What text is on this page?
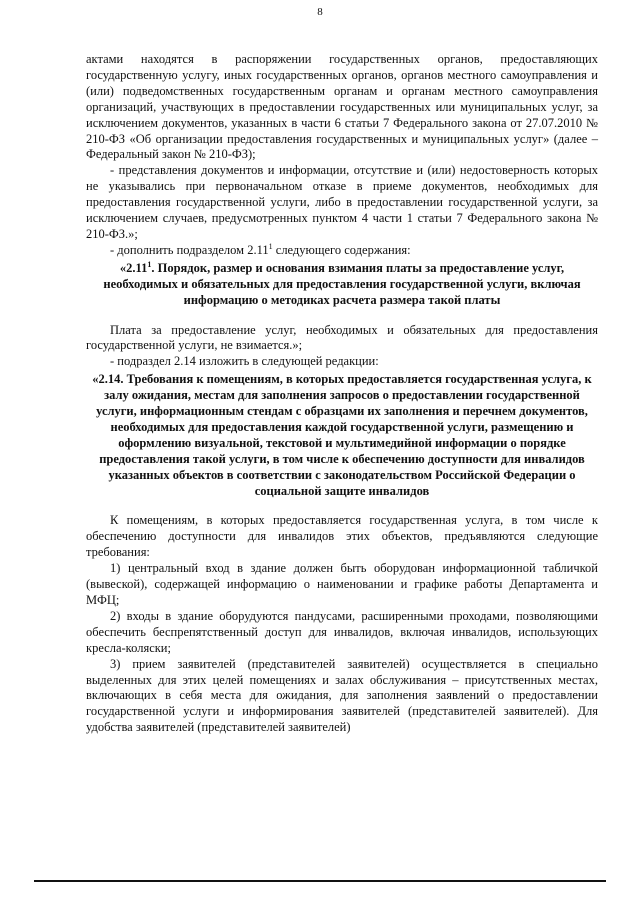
8

актами находятся в распоряжении государственных органов, предоставляющих государственную услугу, иных государственных органов, органов местного самоуправления и (или) подведомственных государственным органам и органам местного самоуправления организаций, участвующих в предоставлении государственных или муниципальных услуг, за исключением документов, указанных в части 6 статьи 7 Федерального закона от 27.07.2010 № 210-ФЗ «Об организации предоставления государственных и муниципальных услуг» (далее – Федеральный закон № 210-ФЗ);

- представления документов и информации, отсутствие и (или) недостоверность которых не указывались при первоначальном отказе в приеме документов, необходимых для предоставления государственной услуги, либо в предоставлении государственной услуги, за исключением случаев, предусмотренных пунктом 4 части 1 статьи 7 Федерального закона № 210-ФЗ.»;

- дополнить подразделом 2.11$^1$ следующего содержания:

«2.11$^1$. Порядок, размер и основания взимания платы за предоставление услуг, необходимых и обязательных для предоставления государственной услуги, включая информацию о методиках расчета размера такой платы

Плата за предоставление услуг, необходимых и обязательных для предоставления государственной услуги, не взимается.»;

- подраздел 2.14 изложить в следующей редакции:

«2.14. Требования к помещениям, в которых предоставляется государственная услуга, к залу ожидания, местам для заполнения запросов о предоставлении государственной услуги, информационным стендам с образцами их заполнения и перечнем документов, необходимых для предоставления каждой государственной услуги, размещению и оформлению визуальной, текстовой и мультимедийной информации о порядке предоставления такой услуги, в том числе к обеспечению доступности для инвалидов указанных объектов в соответствии с законодательством Российской Федерации о социальной защите инвалидов

К помещениям, в которых предоставляется государственная услуга, в том числе к обеспечению доступности для инвалидов этих объектов, предъявляются следующие требования:

1) центральный вход в здание должен быть оборудован информационной табличкой (вывеской), содержащей информацию о наименовании и графике работы Департамента и МФЦ;

2) входы в здание оборудуются пандусами, расширенными проходами, позволяющими обеспечить беспрепятственный доступ для инвалидов, включая инвалидов, использующих кресла-коляски;

3) прием заявителей (представителей заявителей) осуществляется в специально выделенных для этих целей помещениях и залах обслуживания – присутственных местах, включающих в себя места для ожидания, для заполнения заявлений о предоставлении государственной услуги и информирования заявителей (представителей заявителей). Для удобства заявителей (представителей заявителей)
